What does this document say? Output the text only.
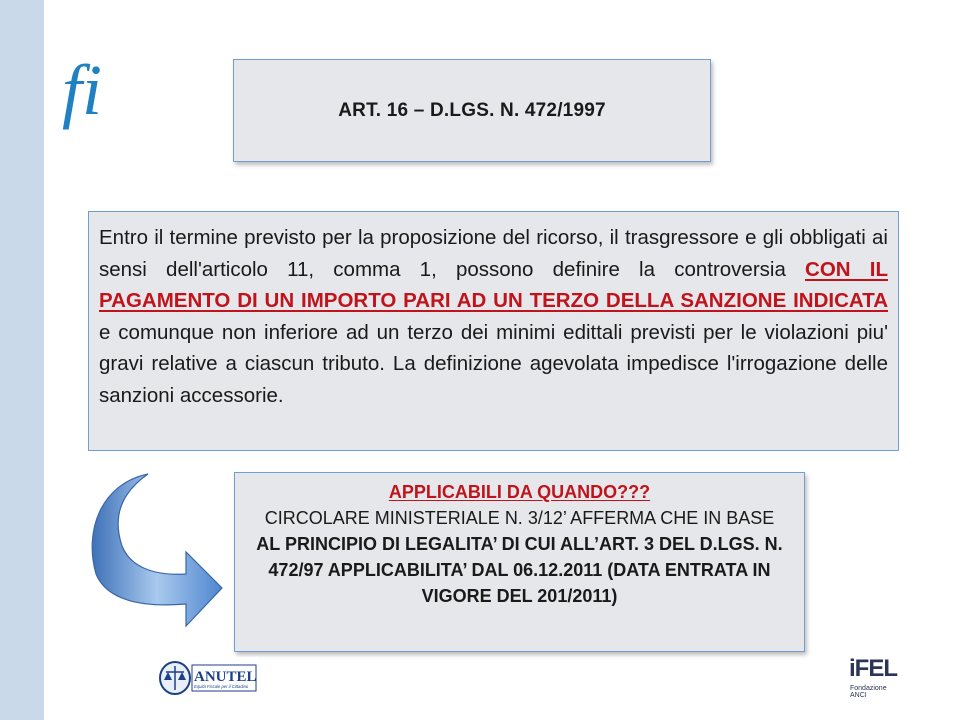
fi	ART. 16 – D.LGS. N. 472/1997
Entro il termine previsto per la proposizione del ricorso, il trasgressore e gli obbligati ai sensi dell'articolo 11, comma 1, possono definire la controversia CON IL PAGAMENTO DI UN IMPORTO PARI AD UN TERZO DELLA SANZIONE INDICATA e comunque non inferiore ad un terzo dei minimi edittali previsti per le violazioni piu' gravi relative a ciascun tributo. La definizione agevolata impedisce l'irrogazione delle sanzioni accessorie.
APPLICABILI DA QUANDO???
CIRCOLARE MINISTERIALE N. 3/12’ AFFERMA CHE IN BASE AL PRINCIPIO DI LEGALITA’ DI CUI ALL’ART. 3 DEL D.LGS. N. 472/97 APPLICABILITA’ DAL 06.12.2011 (DATA ENTRATA IN VIGORE DEL 201/2011)
ANUTEL
Equità Fiscale per il Cittadino
iFEL
Fondazione ANCI
